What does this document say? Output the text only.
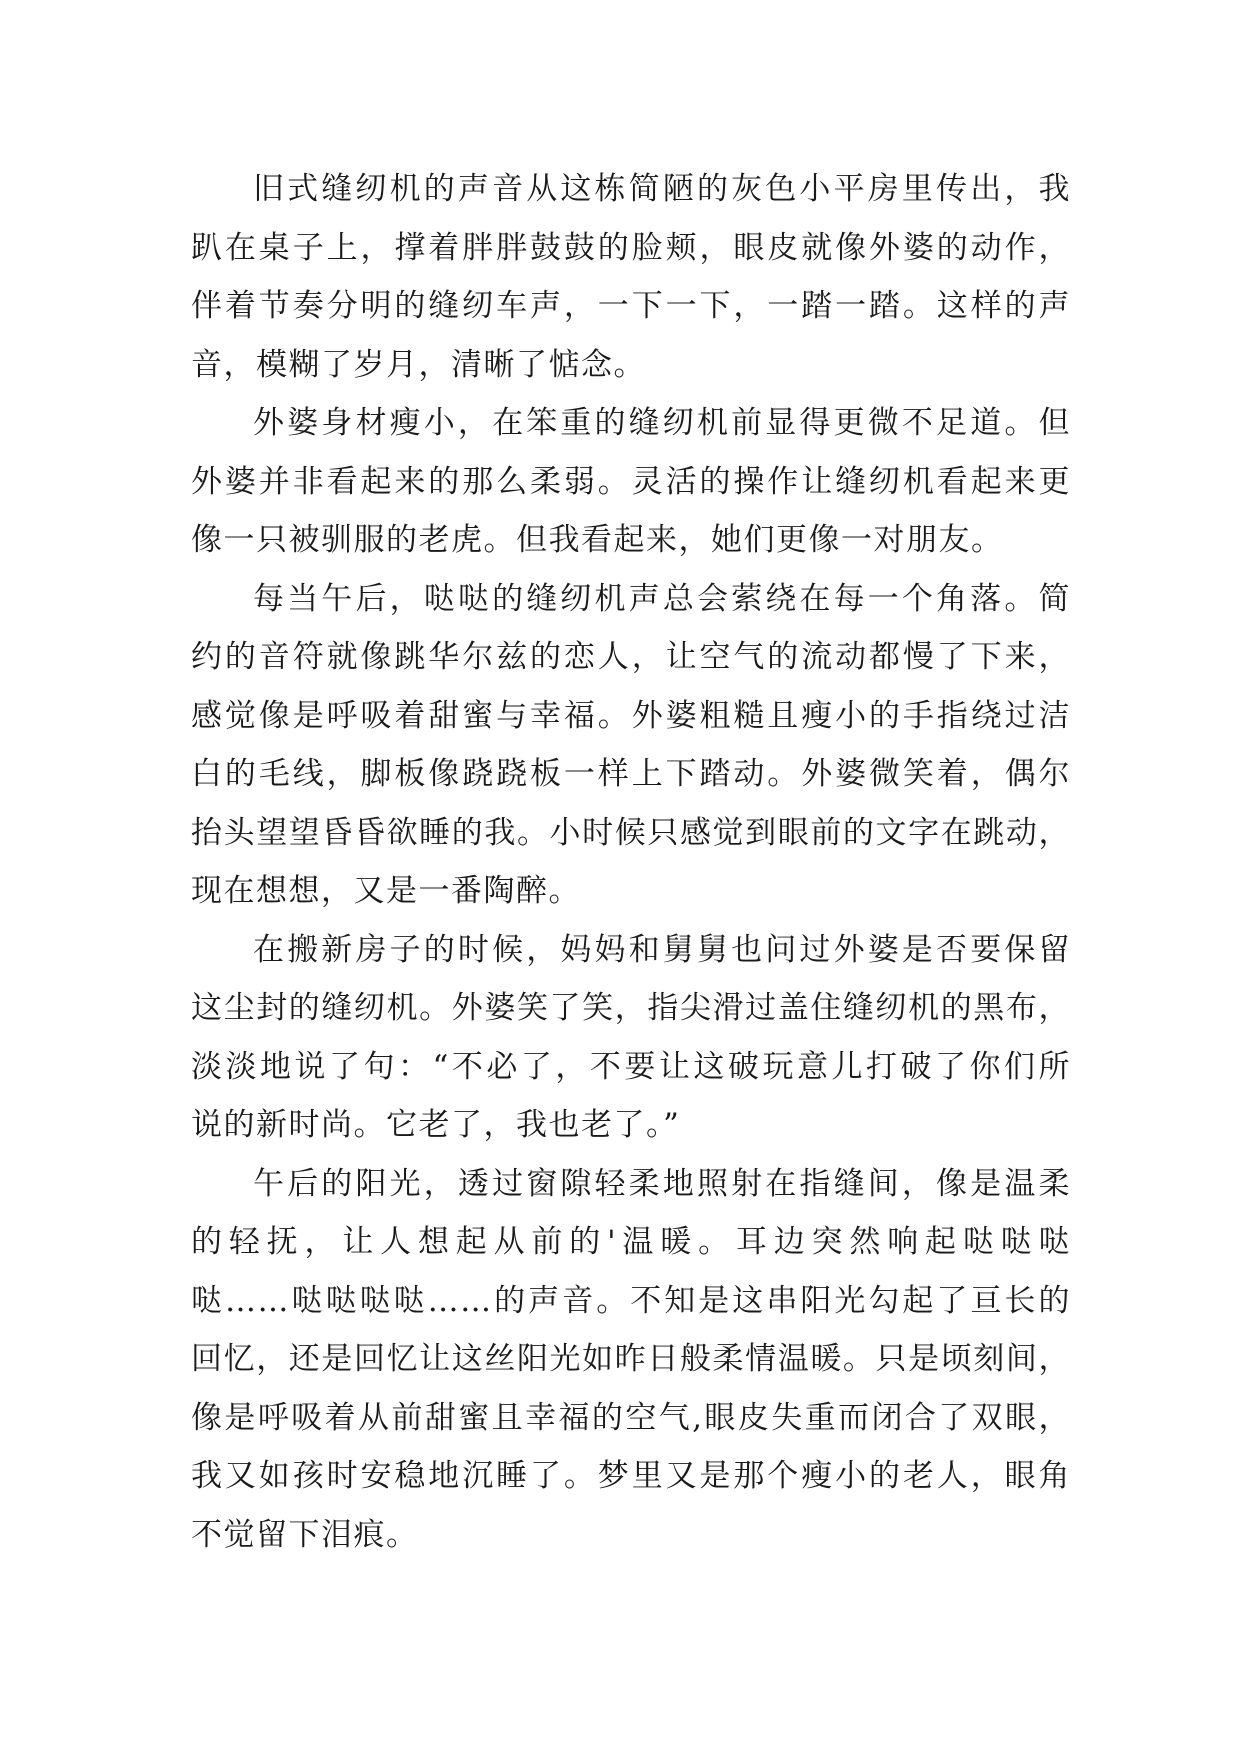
旧式缝纫机的声音从这栋简陋的灰色小平房里传出，我
趴在桌子上，撑着胖胖鼓鼓的脸颊，眼皮就像外婆的动作，
伴着节奏分明的缝纫车声，一下一下，一踏一踏。这样的声
音，模糊了岁月，清晰了惦念。
外婆身材瘦小，在笨重的缝纫机前显得更微不足道。但
外婆并非看起来的那么柔弱。灵活的操作让缝纫机看起来更
像一只被驯服的老虎。但我看起来，她们更像一对朋友。
每当午后，哒哒的缝纫机声总会萦绕在每一个角落。简
约的音符就像跳华尔兹的恋人，让空气的流动都慢了下来，
感觉像是呼吸着甜蜜与幸福。外婆粗糙且瘦小的手指绕过洁
白的毛线，脚板像跷跷板一样上下踏动。外婆微笑着，偶尔
抬头望望昏昏欲睡的我。小时候只感觉到眼前的文字在跳动，
现在想想，又是一番陶醉。
在搬新房子的时候，妈妈和舅舅也问过外婆是否要保留
这尘封的缝纫机。外婆笑了笑，指尖滑过盖住缝纫机的黑布，
淡淡地说了句：“不必了，不要让这破玩意儿打破了你们所
说的新时尚。它老了，我也老了。”
午后的阳光，透过窗隙轻柔地照射在指缝间，像是温柔
的轻抚，让人想起从前的'温暖。耳边突然响起哒哒哒
哒……哒哒哒哒……的声音。不知是这串阳光勾起了亘长的
回忆，还是回忆让这丝阳光如昨日般柔情温暖。只是顷刻间，
像是呼吸着从前甜蜜且幸福的空气,眼皮失重而闭合了双眼，
我又如孩时安稳地沉睡了。梦里又是那个瘦小的老人，眼角
不觉留下泪痕。
